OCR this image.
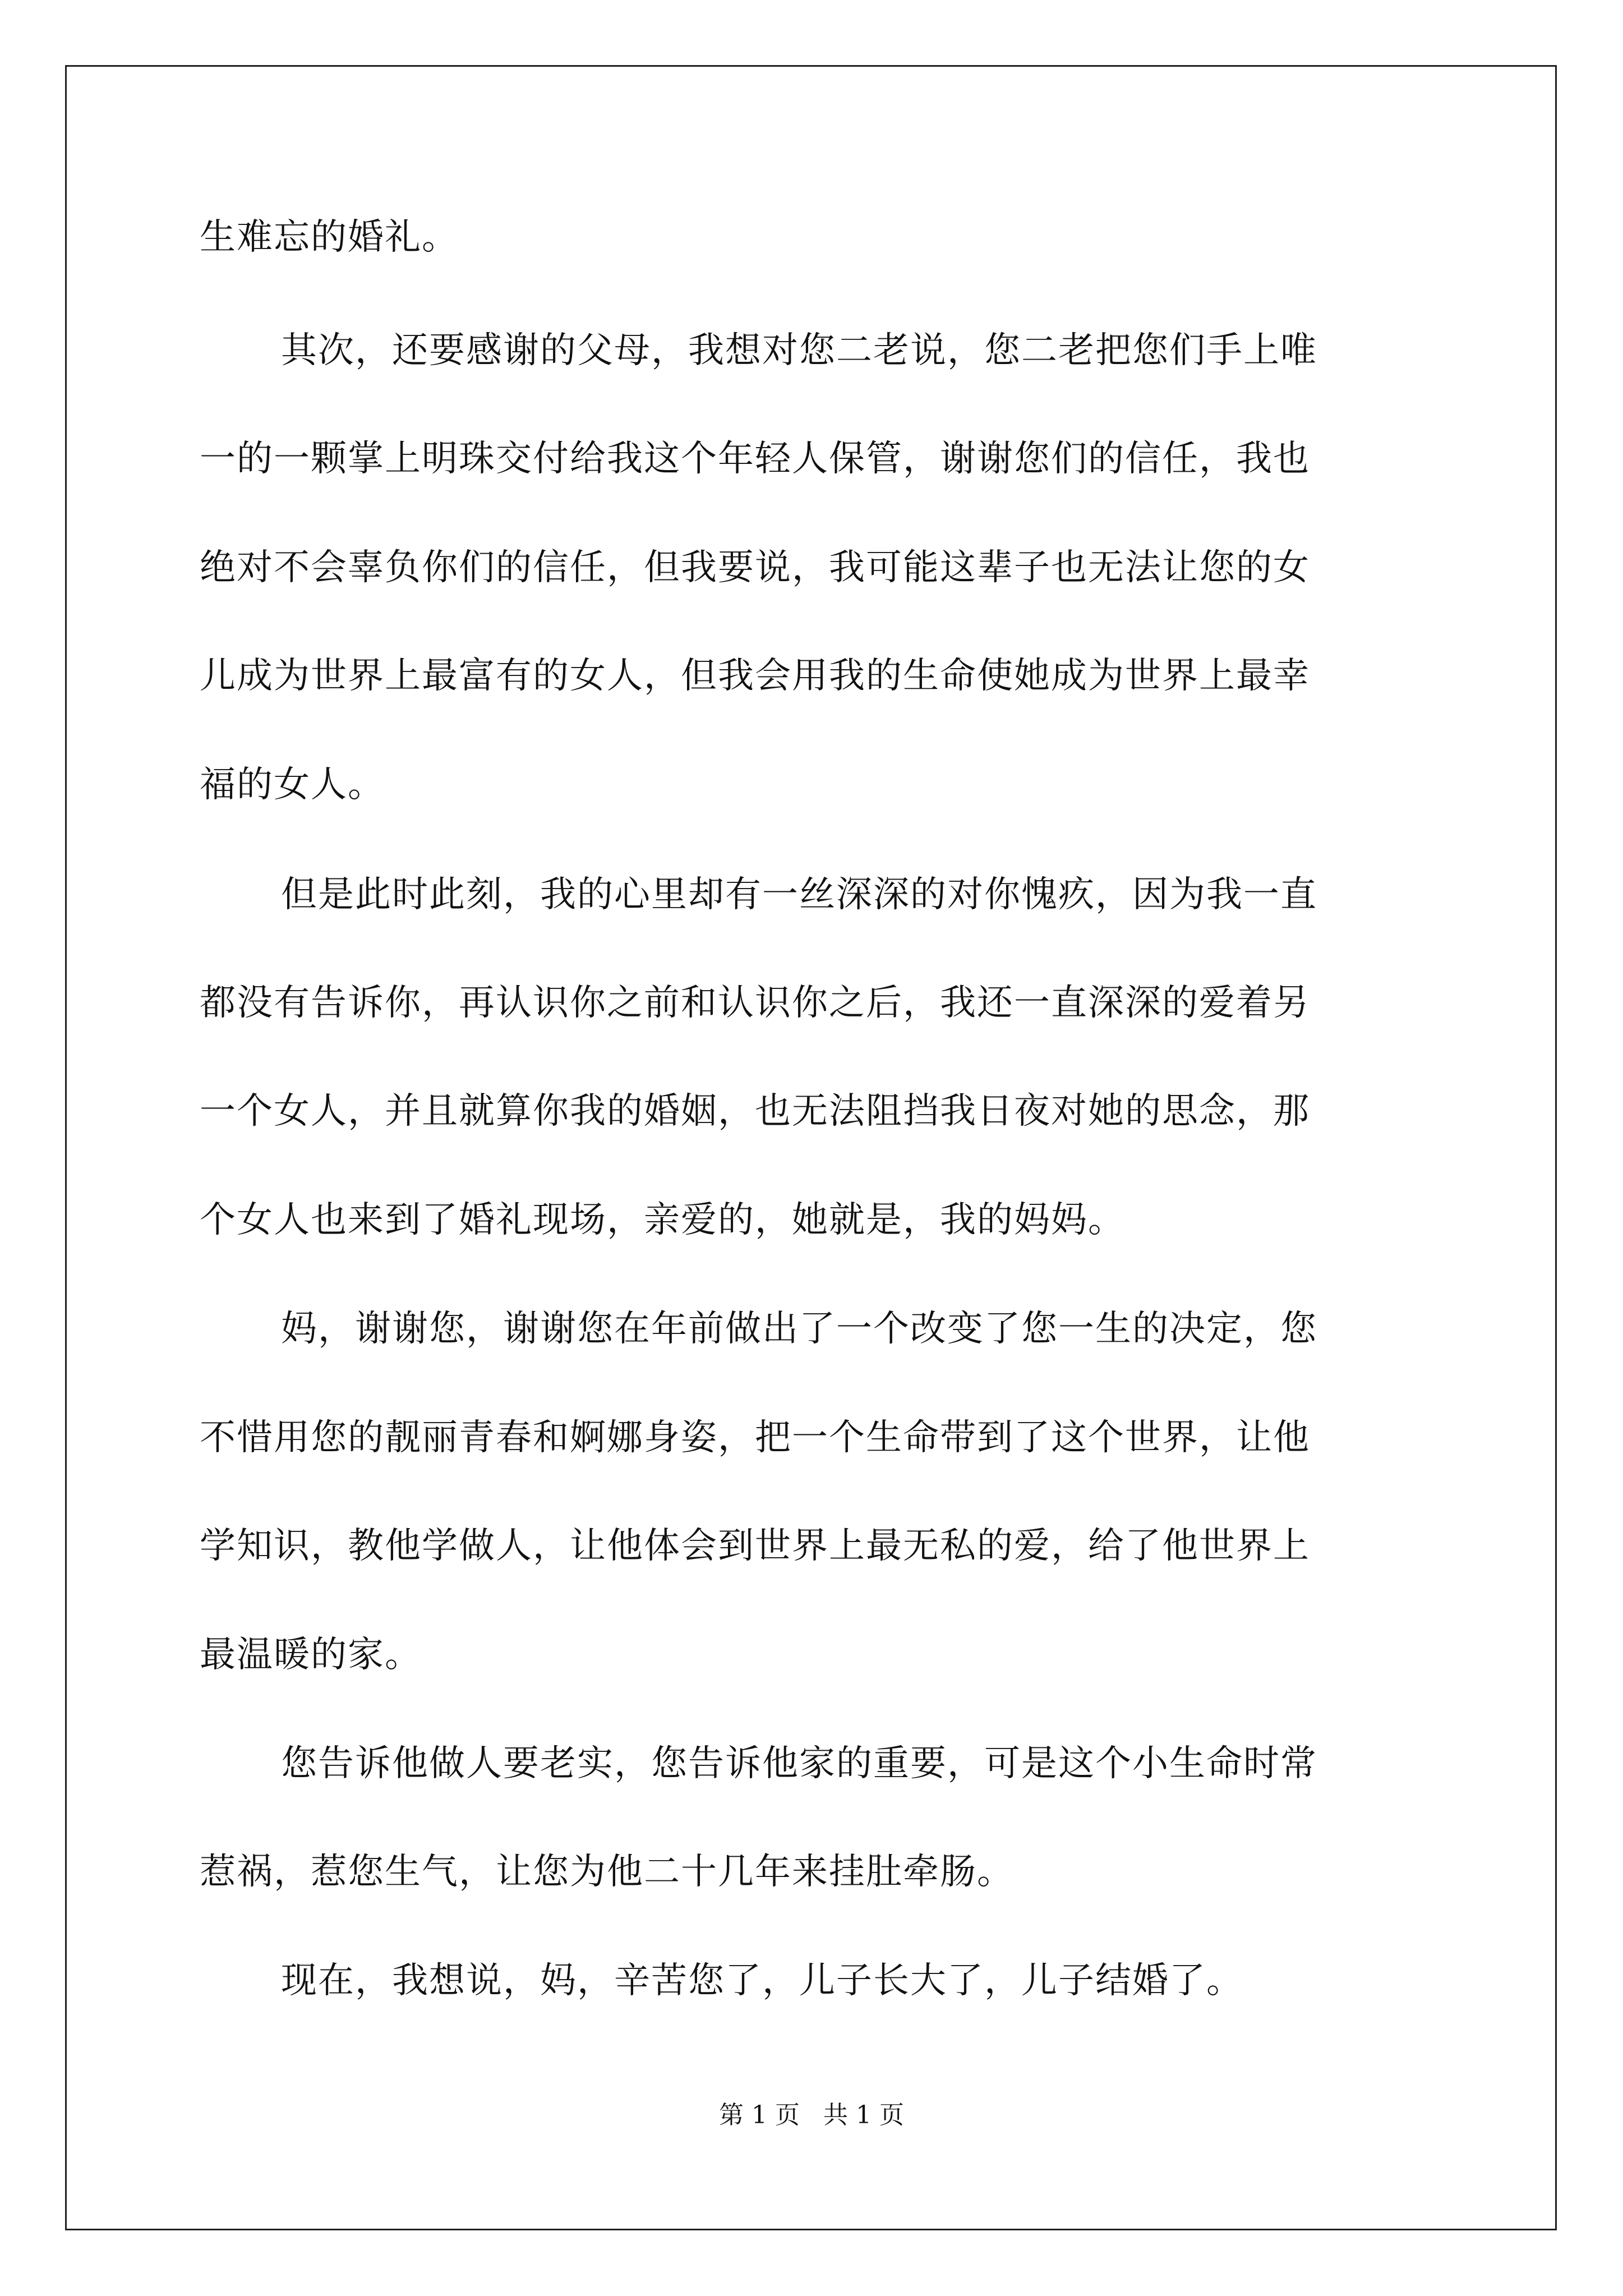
生难忘的婚礼。
其次，还要感谢的父母，我想对您二老说，您二老把您们手上唯
一的一颗掌上明珠交付给我这个年轻人保管，谢谢您们的信任，我也
绝对不会辜负你们的信任，但我要说，我可能这辈子也无法让您的女
儿成为世界上最富有的女人，但我会用我的生命使她成为世界上最幸
福的女人。
但是此时此刻，我的心里却有一丝深深的对你愧疚，因为我一直
都没有告诉你，再认识你之前和认识你之后，我还一直深深的爱着另
一个女人，并且就算你我的婚姻，也无法阻挡我日夜对她的思念，那
个女人也来到了婚礼现场，亲爱的，她就是，我的妈妈。
妈，谢谢您，谢谢您在年前做出了一个改变了您一生的决定，您
不惜用您的靓丽青春和婀娜身姿，把一个生命带到了这个世界，让他
学知识，教他学做人，让他体会到世界上最无私的爱，给了他世界上
最温暖的家。
您告诉他做人要老实，您告诉他家的重要，可是这个小生命时常
惹祸，惹您生气，让您为他二十几年来挂肚牵肠。
现在，我想说，妈，辛苦您了，儿子长大了，儿子结婚了。
第 1 页 共 1 页
